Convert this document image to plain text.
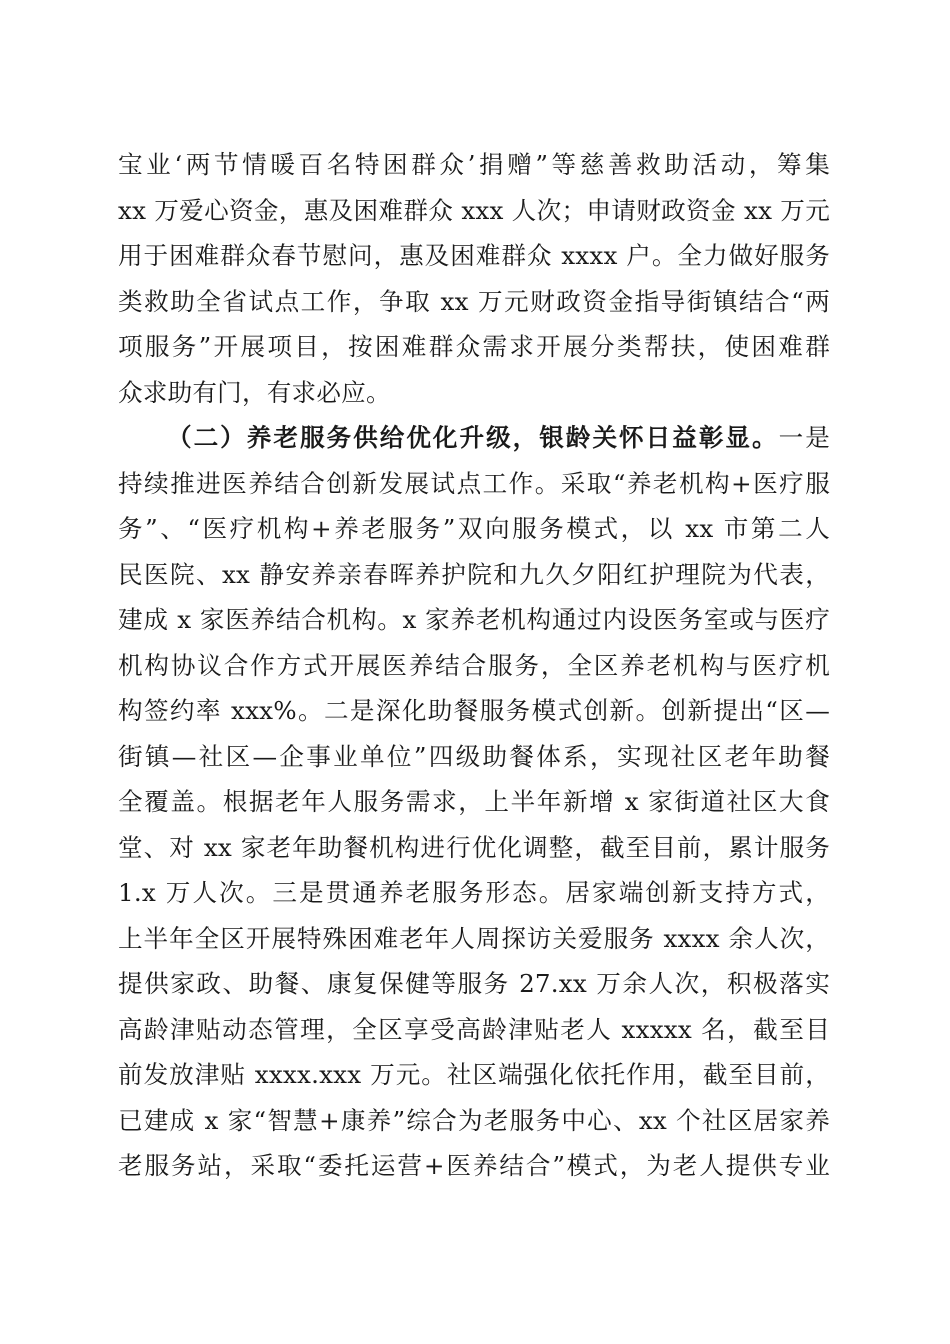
宝业‘两节情暖百名特困群众’捐赠”等慈善救助活动，筹集
xx 万爱心资金，惠及困难群众 xxx 人次；申请财政资金 xx 万元
用于困难群众春节慰问，惠及困难群众 xxxx 户。全力做好服务
类救助全省试点工作，争取 xx 万元财政资金指导街镇结合“两
项服务”开展项目，按困难群众需求开展分类帮扶，使困难群
众求助有门，有求必应。
（二）养老服务供给优化升级，银龄关怀日益彰显。一是
持续推进医养结合创新发展试点工作。采取“养老机构+医疗服
务”、“医疗机构+养老服务”双向服务模式，以 xx 市第二人
民医院、xx 静安养亲春晖养护院和九久夕阳红护理院为代表，
建成 x 家医养结合机构。x 家养老机构通过内设医务室或与医疗
机构协议合作方式开展医养结合服务，全区养老机构与医疗机
构签约率 xxx%。二是深化助餐服务模式创新。创新提出“区—
街镇—社区—企事业单位”四级助餐体系，实现社区老年助餐
全覆盖。根据老年人服务需求，上半年新增 x 家街道社区大食
堂、对 xx 家老年助餐机构进行优化调整，截至目前，累计服务
1.x 万人次。三是贯通养老服务形态。居家端创新支持方式，
上半年全区开展特殊困难老年人周探访关爱服务 xxxx 余人次，
提供家政、助餐、康复保健等服务 27.xx 万余人次，积极落实
高龄津贴动态管理，全区享受高龄津贴老人 xxxxx 名，截至目
前发放津贴 xxxx.xxx 万元。社区端强化依托作用，截至目前，
已建成 x 家“智慧+康养”综合为老服务中心、xx 个社区居家养
老服务站，采取“委托运营+医养结合”模式，为老人提供专业
